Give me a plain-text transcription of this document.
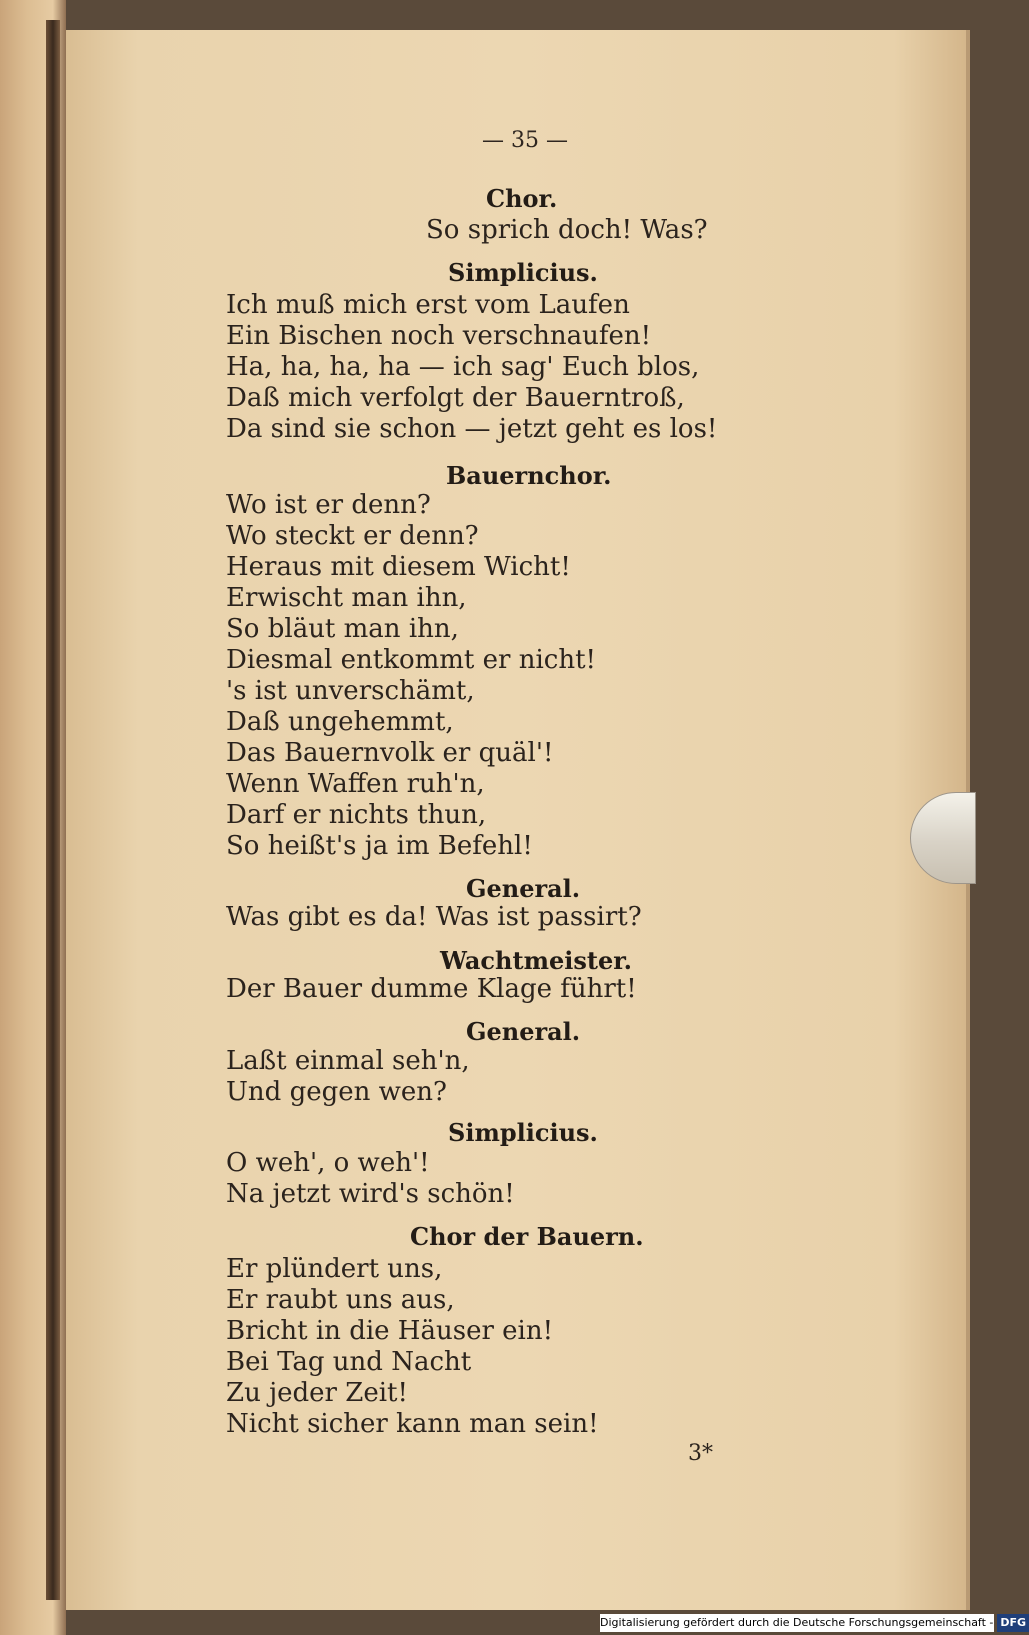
— 35 —
Chor.
So sprich doch! Was?
Simplicius.
Ich muß mich erst vom Laufen
Ein Bischen noch verschnaufen!
Ha, ha, ha, ha — ich sag' Euch blos,
Daß mich verfolgt der Bauerntroß,
Da sind sie schon — jetzt geht es los!
Bauernchor.
Wo ist er denn?
Wo steckt er denn?
Heraus mit diesem Wicht!
Erwischt man ihn,
So bläut man ihn,
Diesmal entkommt er nicht!
's ist unverschämt,
Daß ungehemmt,
Das Bauernvolk er quäl'!
Wenn Waffen ruh'n,
Darf er nichts thun,
So heißt's ja im Befehl!
General.
Was gibt es da! Was ist passirt?
Wachtmeister.
Der Bauer dumme Klage führt!
General.
Laßt einmal seh'n,
Und gegen wen?
Simplicius.
O weh', o weh'!
Na jetzt wird's schön!
Chor der Bauern.
Er plündert uns,
Er raubt uns aus,
Bricht in die Häuser ein!
Bei Tag und Nacht
Zu jeder Zeit!
Nicht sicher kann man sein!
3*
Digitalisierung gefördert durch die Deutsche Forschungsgemeinschaft - DFG
